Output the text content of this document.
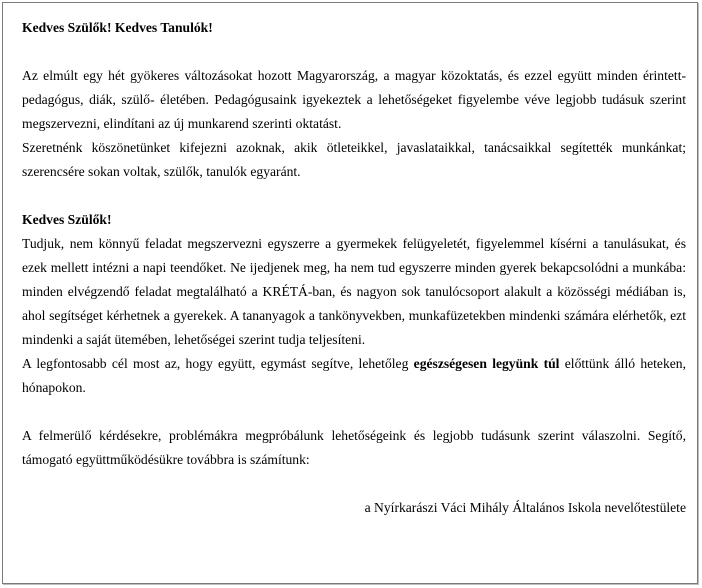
Kedves Szülők! Kedves Tanulók!

Az elmúlt egy hét gyökeres változásokat hozott Magyarország, a magyar közoktatás, és ezzel együtt minden érintett- pedagógus, diák, szülő- életében. Pedagógusaink igyekeztek a lehetőségeket figyelembe véve legjobb tudásuk szerint megszervezni, elindítani az új munkarend szerinti oktatást.

Szeretnénk köszönetünket kifejezni azoknak, akik ötleteikkel, javaslataikkal, tanácsaikkal segítették munkánkat; szerencsére sokan voltak, szülők, tanulók egyaránt.

Kedves Szülők!

Tudjuk, nem könnyű feladat megszervezni egyszerre a gyermekek felügyeletét, figyelemmel kísérni a tanulásukat, és ezek mellett intézni a napi teendőket. Ne ijedjenek meg, ha nem tud egyszerre minden gyerek bekapcsolódni a munkába: minden elvégzendő feladat megtalálható a KRÉTÁ-ban, és nagyon sok tanulócsoport alakult a közösségi médiában is, ahol segítséget kérhetnek a gyerekek. A tananyagok a tankönyvekben, munkafüzetekben mindenki számára elérhetők, ezt mindenki a saját ütemében, lehetőségei szerint tudja teljesíteni.

A legfontosabb cél most az, hogy együtt, egymást segítve, lehetőleg egészségesen legyünk túl előttünk álló heteken, hónapokon.

A felmerülő kérdésekre, problémákra megpróbálunk lehetőségeink és legjobb tudásunk szerint válaszolni. Segítő, támogató együttműködésükre továbbra is számítunk:

a Nyírkarászi Váci Mihály Általános Iskola nevelőtestülete
